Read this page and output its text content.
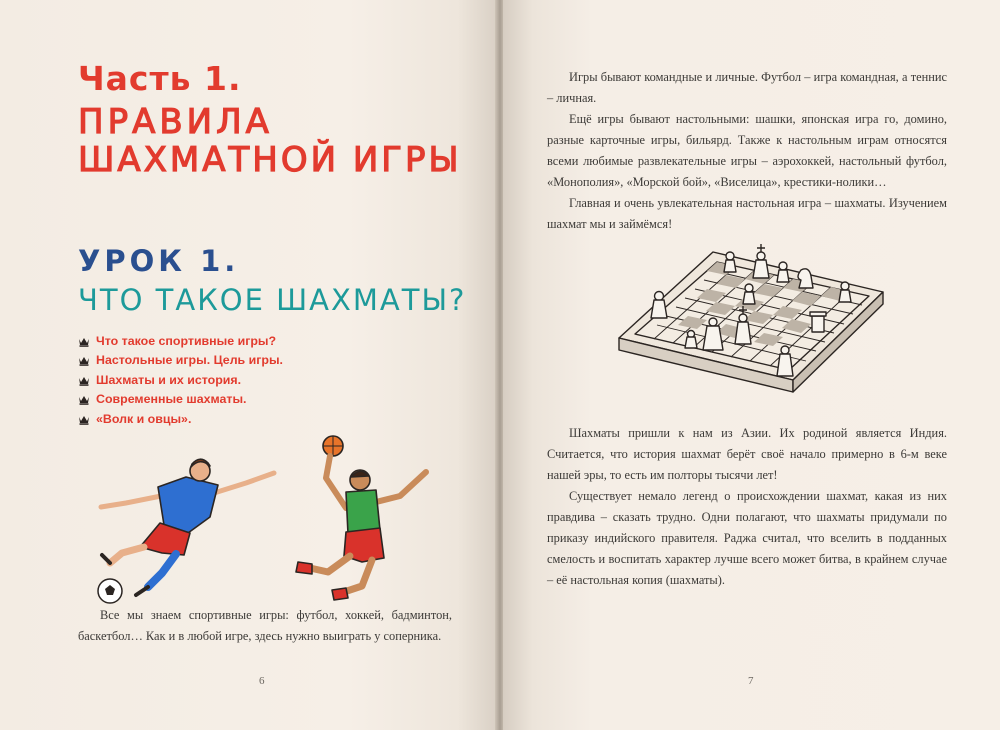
Часть 1.
ПРАВИЛА
ШАХМАТНОЙ ИГРЫ
УРОК 1.
ЧТО ТАКОЕ ШАХМАТЫ?
Что такое спортивные игры?
Настольные игры. Цель игры.
Шахматы и их история.
Современные шахматы.
«Волк и овцы».

Все мы знаем спортивные игры: футбол, хоккей, бадминтон, баскетбол… Как и в любой игре, здесь нужно выиграть у соперника.

6

Игры бывают командные и личные. Футбол – игра командная, а теннис – личная.

Ещё игры бывают настольными: шашки, японская игра го, домино, разные карточные игры, бильярд. Также к настольным играм относятся всеми любимые развлекательные игры – аэрохоккей, настольный футбол, «Монополия», «Морской бой», «Виселица», крестики-нолики…

Главная и очень увлекательная настольная игра – шахматы. Изучением шахмат мы и займёмся!

Шахматы пришли к нам из Азии. Их родиной является Индия. Считается, что история шахмат берёт своё начало примерно в 6-м веке нашей эры, то есть им полторы тысячи лет!

Существует немало легенд о происхождении шахмат, какая из них правдива – сказать трудно. Одни полагают, что шахматы придумали по приказу индийского правителя. Раджа считал, что вселить в подданных смелость и воспитать характер лучше всего может битва, в крайнем случае – её настольная копия (шахматы).

7
